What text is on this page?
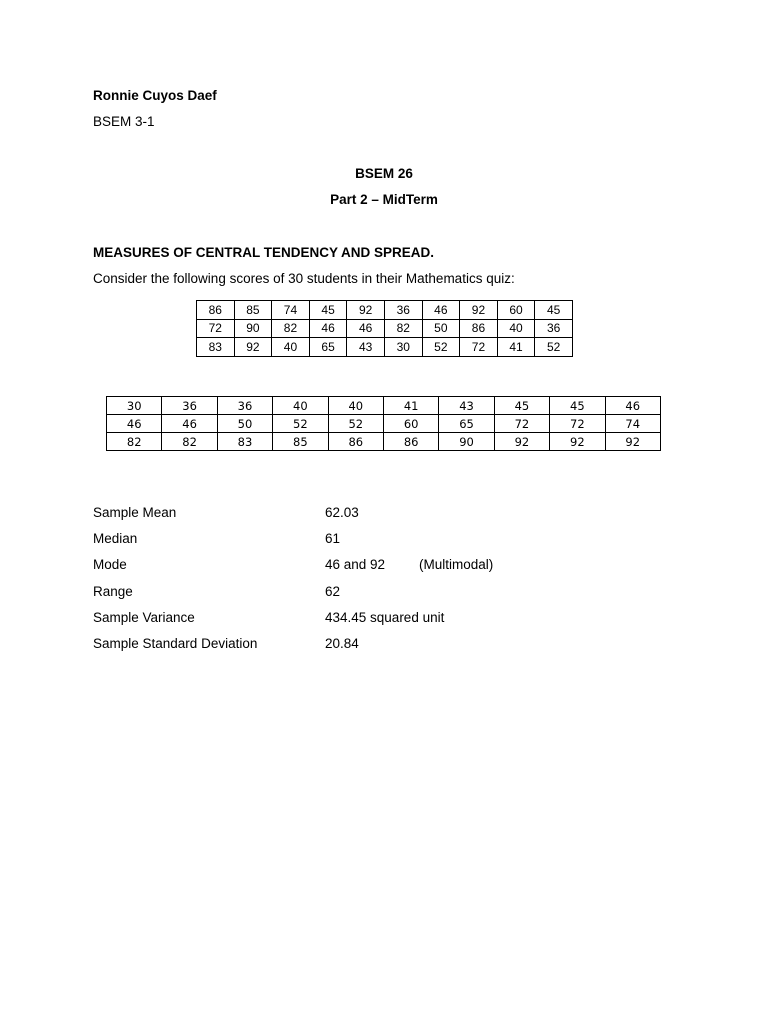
Ronnie Cuyos Daef
BSEM 3-1
BSEM 26
Part 2 – MidTerm
MEASURES OF CENTRAL TENDENCY AND SPREAD.
Consider the following scores of 30 students in their Mathematics quiz:
86	85	74	45	92	36	46	92	60	45
72	90	82	46	46	82	50	86	40	36
83	92	40	65	43	30	52	72	41	52
30	36	36	40	40	41	43	45	45	46
46	46	50	52	52	60	65	72	72	74
82	82	83	85	86	86	90	92	92	92
Sample Mean	62.03
Median	61
Mode	46 and 92	(Multimodal)
Range	62
Sample Variance	434.45 squared unit
Sample Standard Deviation	20.84
